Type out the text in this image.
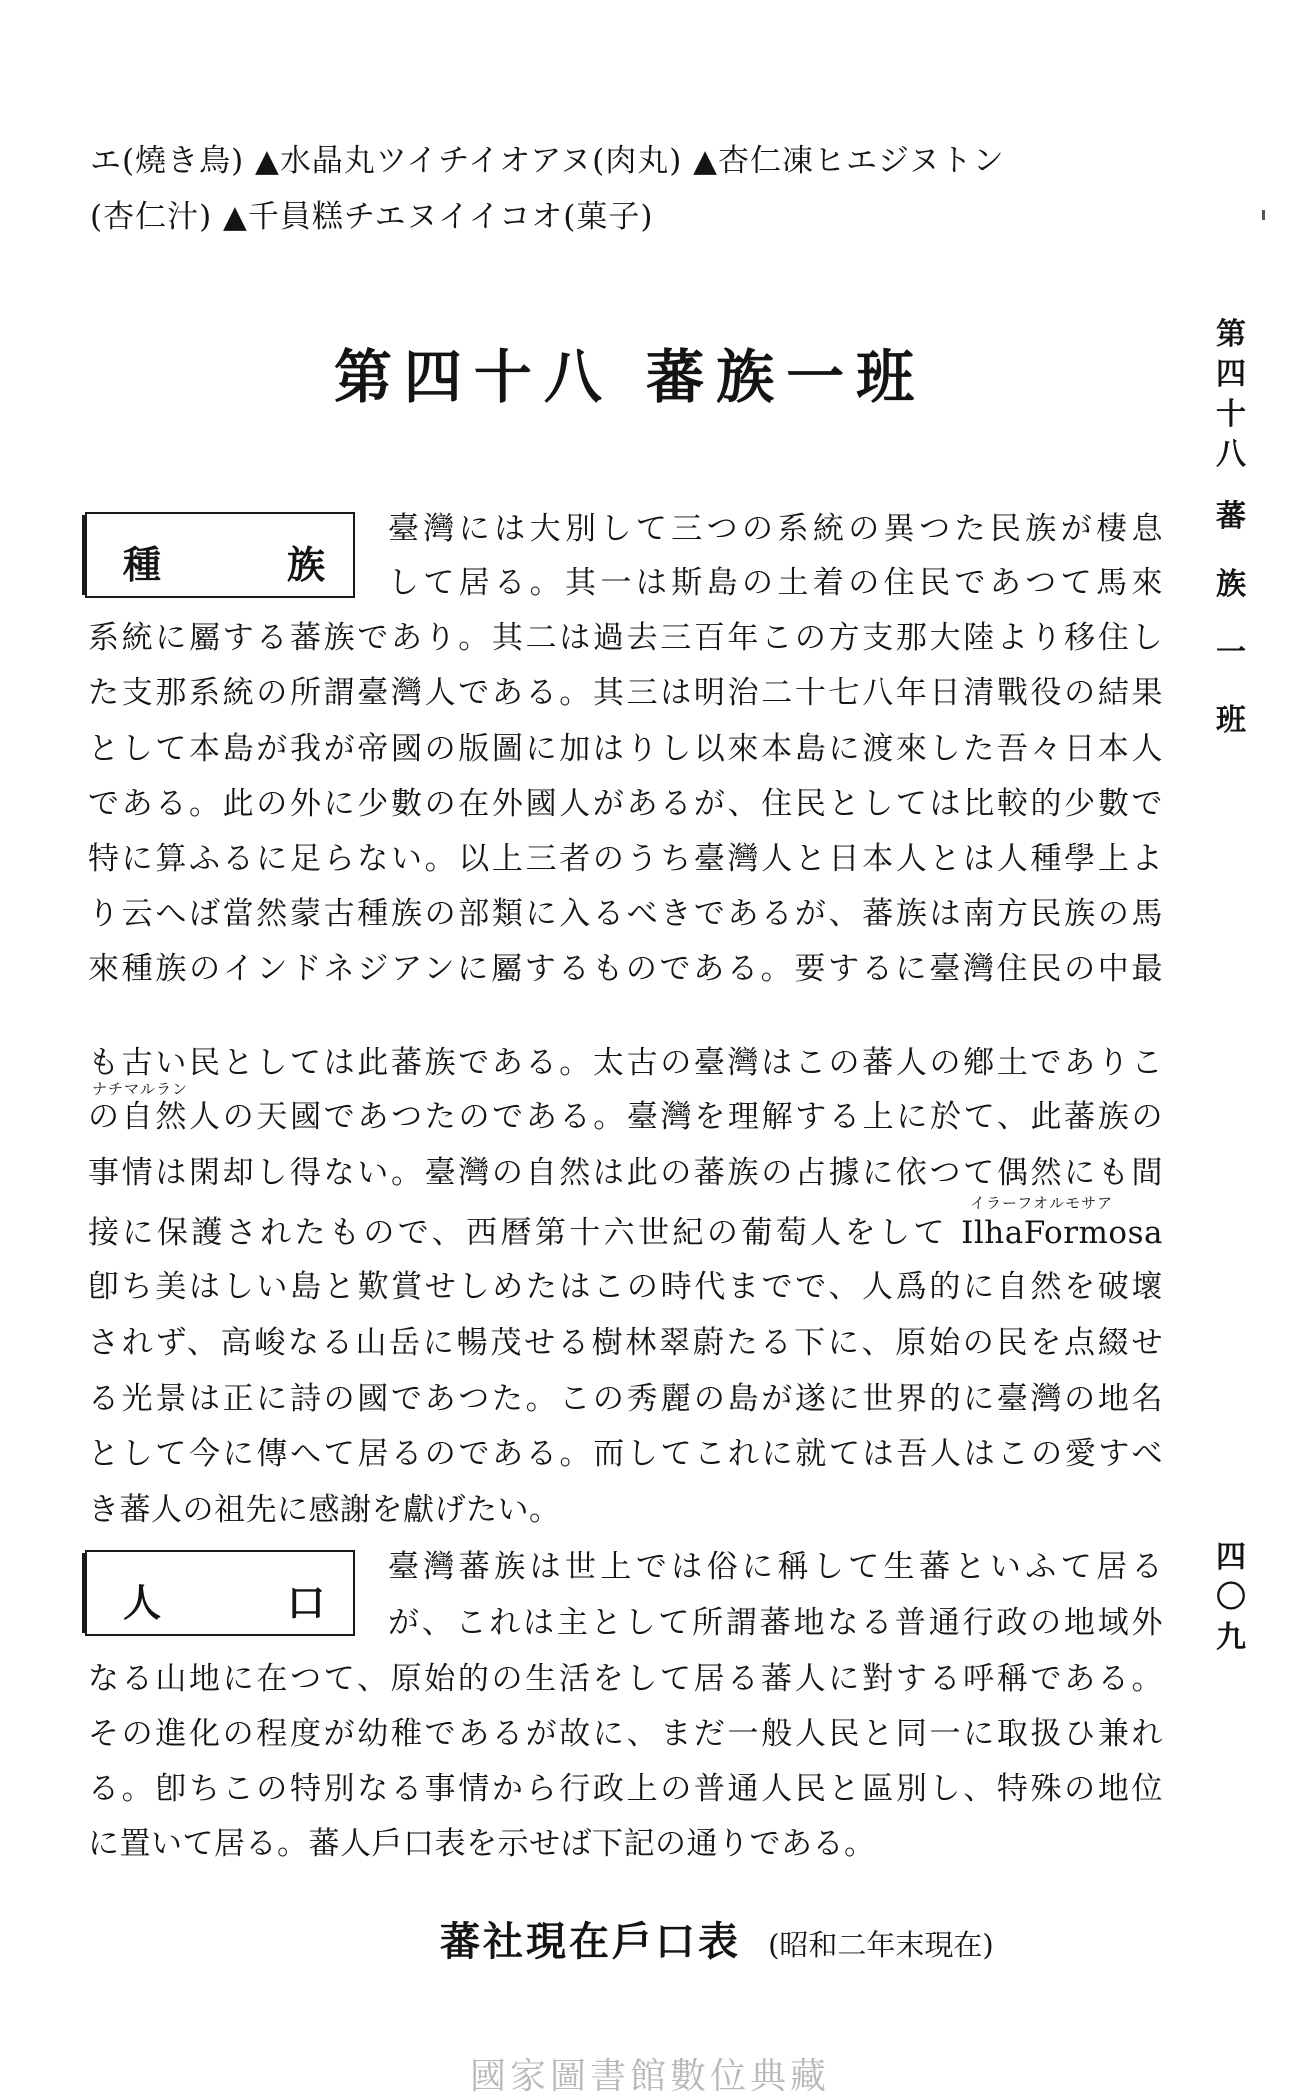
エ(燒き鳥) ▲水晶丸ツイチイオアヌ(肉丸) ▲杏仁凍ヒエジヌトン
(杏仁汁) ▲千員糕チエヌイイコオ(菓子)
第四十八 蕃族一班
第
四
十
八
蕃
族
一
班
四
〇
九
種	族
臺灣には大別して三つの系統の異つた民族が棲息
して居る。其一は斯島の土着の住民であつて馬來
系統に屬する蕃族であり。其二は過去三百年この方支那大陸より移住し
た支那系統の所謂臺灣人である。其三は明治二十七八年日清戰役の結果
として本島が我が帝國の版圖に加はりし以來本島に渡來した吾々日本人
である。此の外に少數の在外國人があるが、住民としては比較的少數で
特に算ふるに足らない。以上三者のうち臺灣人と日本人とは人種學上よ
り云へば當然蒙古種族の部類に入るべきであるが、蕃族は南方民族の馬
來種族のインドネジアンに屬するものである。要するに臺灣住民の中最
も古い民としては此蕃族である。太古の臺灣はこの蕃人の鄕土でありこ
ナチマルラン
の自然人の天國であつたのである。臺灣を理解する上に於て、此蕃族の
事情は閑却し得ない。臺灣の自然は此の蕃族の占據に依つて偶然にも間
イラーフオルモサア
接に保護されたもので、西曆第十六世紀の葡萄人をして IlhaFormosa
卽ち美はしい島と歎賞せしめたはこの時代までで、人爲的に自然を破壞
されず、高峻なる山岳に暢茂せる樹林翠蔚たる下に、原始の民を点綴せ
る光景は正に詩の國であつた。この秀麗の島が遂に世界的に臺灣の地名
として今に傳へて居るのである。而してこれに就ては吾人はこの愛すべ
き蕃人の祖先に感謝を獻げたい。
人	口
臺灣蕃族は世上では俗に稱して生蕃といふて居る
が、これは主として所謂蕃地なる普通行政の地域外
なる山地に在つて、原始的の生活をして居る蕃人に對する呼稱である。
その進化の程度が幼稚であるが故に、まだ一般人民と同一に取扱ひ兼れ
る。卽ちこの特別なる事情から行政上の普通人民と區別し、特殊の地位
に置いて居る。蕃人戶口表を示せば下記の通りである。
蕃社現在戶口表 (昭和二年末現在)
國家圖書館數位典藏
